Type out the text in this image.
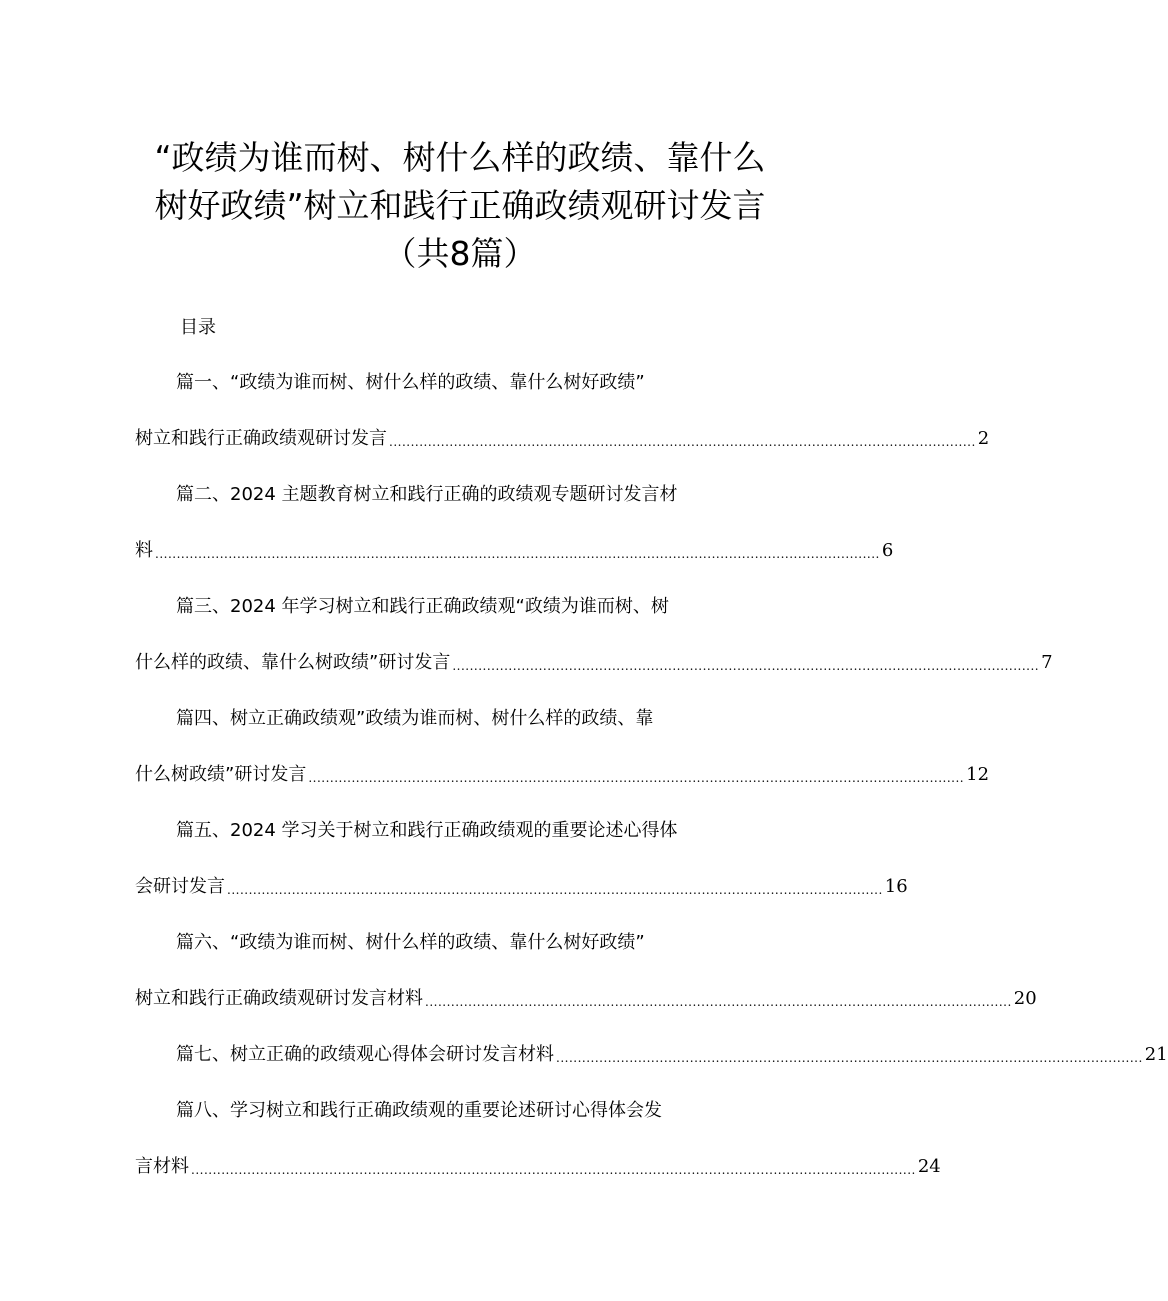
“政绩为谁而树、树什么样的政绩、靠什么
树好政绩”树立和践行正确政绩观研讨发言
（共8篇）
目录
篇一、“政绩为谁而树、树什么样的政绩、靠什么树好政绩”
树立和践行正确政绩观研讨发言 ........................................................................................................................................ 2
篇二、2024 主题教育树立和践行正确的政绩观专题研讨发言材
料 ........................................................................................................................................................................ 6
篇三、2024 年学习树立和践行正确政绩观“政绩为谁而树、树
什么样的政绩、靠什么树政绩”研讨发言 ........................................................................................................................................ 7
篇四、树立正确政绩观”政绩为谁而树、树什么样的政绩、靠
什么树政绩”研讨发言 ........................................................................................................................................................ 12
篇五、2024 学习关于树立和践行正确政绩观的重要论述心得体
会研讨发言 ........................................................................................................................................................ 16
篇六、“政绩为谁而树、树什么样的政绩、靠什么树好政绩”
树立和践行正确政绩观研讨发言材料 ........................................................................................................................................ 20
篇七、树立正确的政绩观心得体会研讨发言材料 ........................................................................................................................................ 21
篇八、学习树立和践行正确政绩观的重要论述研讨心得体会发
言材料 ........................................................................................................................................................................ 24
